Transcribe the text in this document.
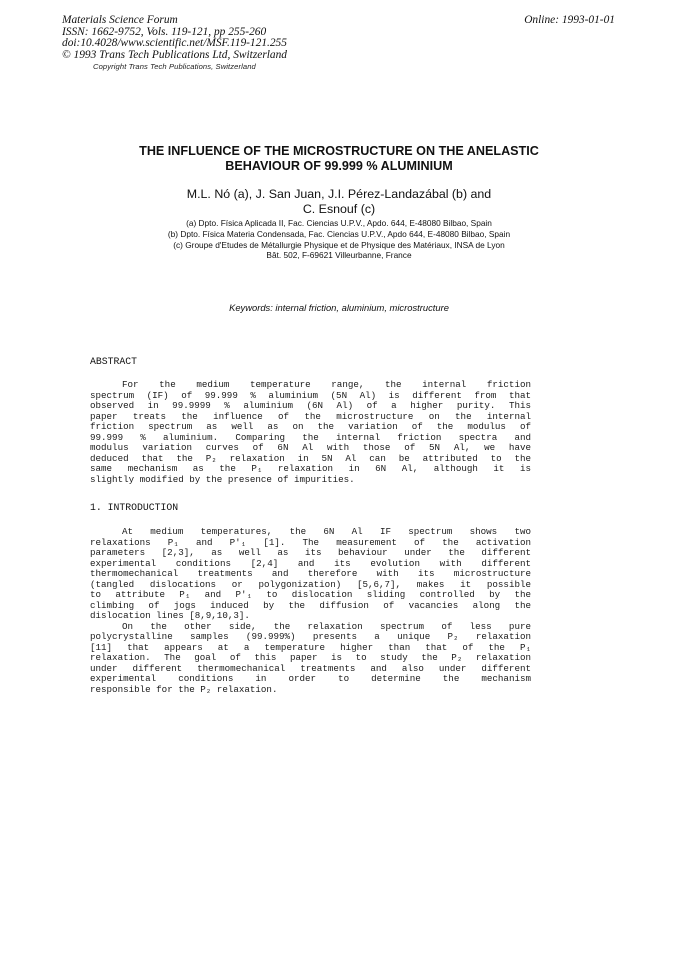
Materials Science Forum
ISSN: 1662-9752, Vols. 119-121, pp 255-260
doi:10.4028/www.scientific.net/MSF.119-121.255
© 1993 Trans Tech Publications Ltd, Switzerland
Online: 1993-01-01
Copyright Trans Tech Publications, Switzerland
THE INFLUENCE OF THE MICROSTRUCTURE ON THE ANELASTIC
BEHAVIOUR OF 99.999 % ALUMINIUM
M.L. Nó (a), J. San Juan, J.I. Pérez-Landazábal (b) and
C. Esnouf (c)
(a) Dpto. Física Aplicada II, Fac. Ciencias U.P.V., Apdo. 644, E-48080 Bilbao, Spain
(b) Dpto. Física Materia Condensada, Fac. Ciencias U.P.V., Apdo 644, E-48080 Bilbao, Spain
(c) Groupe d'Etudes de Métallurgie Physique et de Physique des Matériaux, INSA de Lyon
Bât. 502, F-69621 Villeurbanne, France
Keywords: internal friction, aluminium, microstructure
ABSTRACT
For the medium temperature range, the internal friction
spectrum (IF) of 99.999 % aluminium (5N Al) is different from that
observed in 99.9999 % aluminium (6N Al) of a higher purity. This
paper treats the influence of the microstructure on the internal
friction spectrum as well as on the variation of the modulus of
99.999 % aluminium. Comparing the internal friction spectra and
modulus variation curves of 6N Al with those of 5N Al, we have
deduced that the P₂ relaxation in 5N Al can be attributed to the
same mechanism as the P₁ relaxation in 6N Al, although it is
slightly modified by the presence of impurities.
1. INTRODUCTION
At medium temperatures, the 6N Al IF spectrum shows two
relaxations P₁ and P'₁ [1]. The measurement of the activation
parameters [2,3], as well as its behaviour under the different
experimental conditions [2,4] and its evolution with different
thermomechanical treatments and therefore with its microstructure
(tangled dislocations or polygonization) [5,6,7], makes it possible
to attribute P₁ and P'₁ to dislocation sliding controlled by the
climbing of jogs induced by the diffusion of vacancies along the
dislocation lines [8,9,10,3].
On the other side, the relaxation spectrum of less pure
polycrystalline samples (99.999%) presents a unique P₂ relaxation
[11] that appears at a temperature higher than that of the P₁
relaxation. The goal of this paper is to study the P₂ relaxation
under different thermomechanical treatments and also under different
experimental conditions in order to determine the mechanism
responsible for the P₂ relaxation.
